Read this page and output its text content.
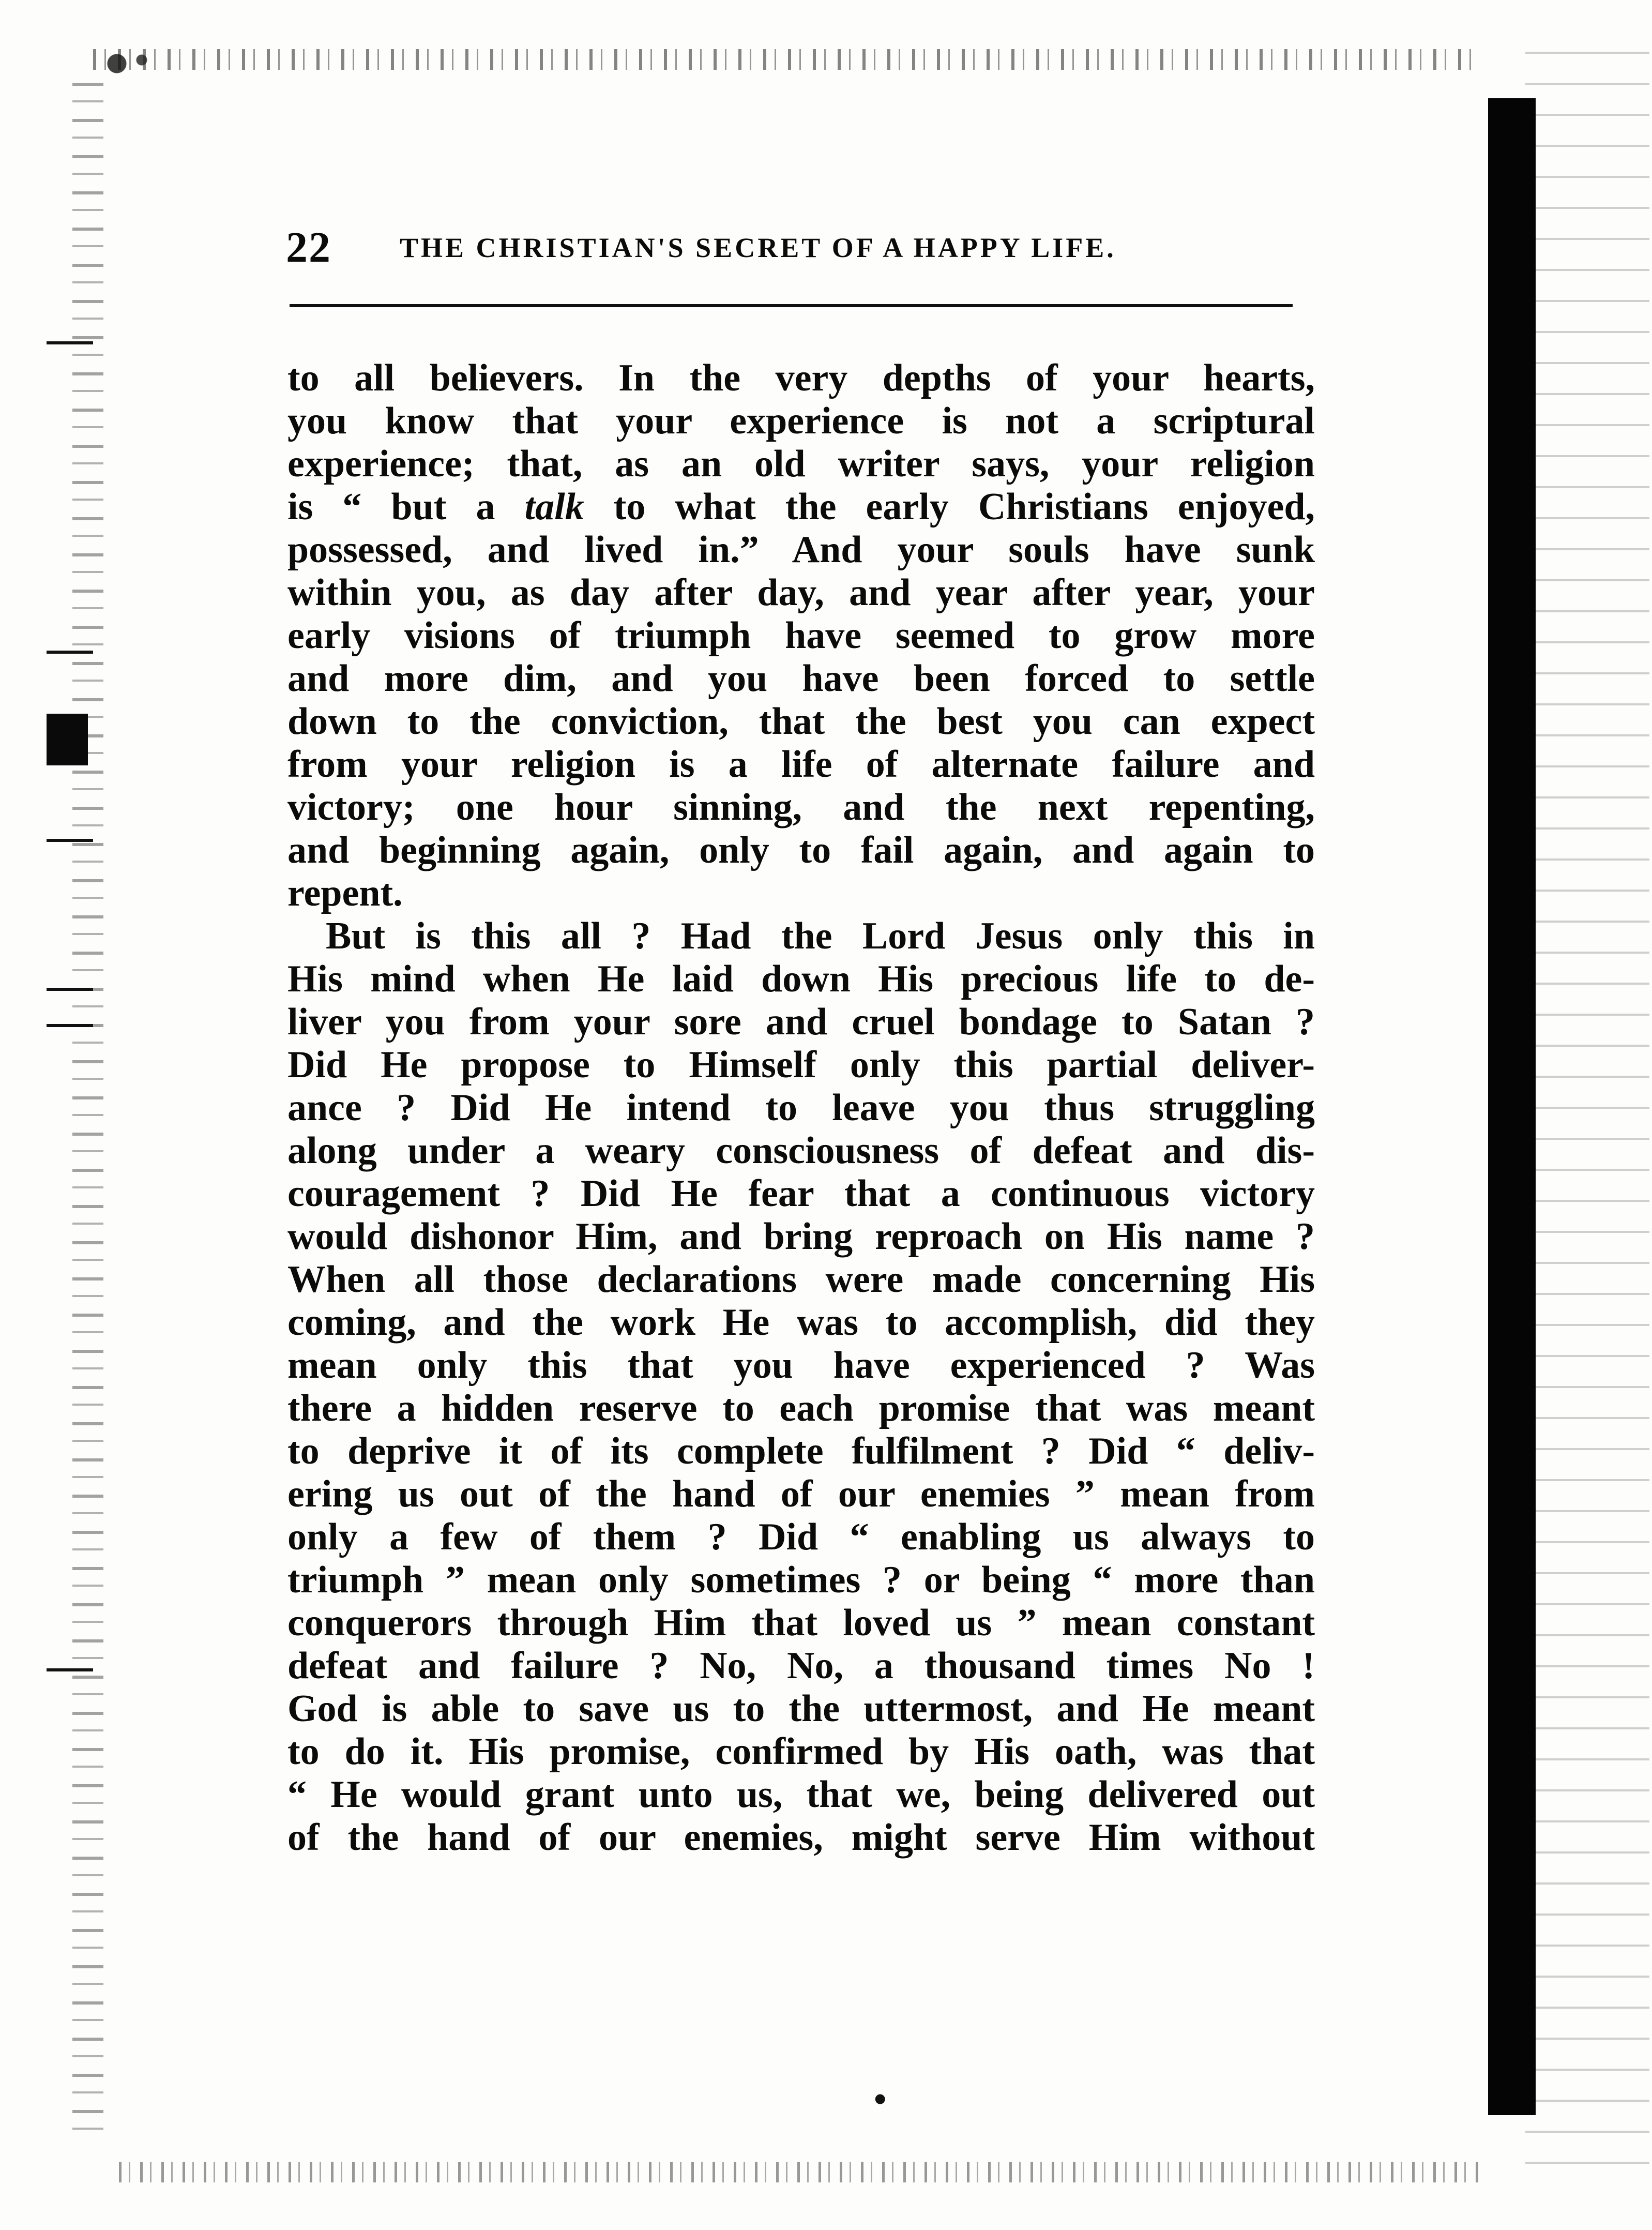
•
22 THE CHRISTIAN'S SECRET OF A HAPPY LIFE.

to all believers. In the very depths of your hearts,
you know that your experience is not a scriptural
experience; that, as an old writer says, your religion
is “ but a talk to what the early Christians enjoyed,
possessed, and lived in.” And your souls have sunk
within you, as day after day, and year after year, your
early visions of triumph have seemed to grow more
and more dim, and you have been forced to settle
down to the conviction, that the best you can expect
from your religion is a life of alternate failure and
victory; one hour sinning, and the next repenting,
and beginning again, only to fail again, and again to
repent.

But is this all ? Had the Lord Jesus only this in
His mind when He laid down His precious life to de-
liver you from your sore and cruel bondage to Satan ?
Did He propose to Himself only this partial deliver-
ance ? Did He intend to leave you thus struggling
along under a weary consciousness of defeat and dis-
couragement ? Did He fear that a continuous victory
would dishonor Him, and bring reproach on His name ?
When all those declarations were made concerning His
coming, and the work He was to accomplish, did they
mean only this that you have experienced ? Was
there a hidden reserve to each promise that was meant
to deprive it of its complete fulfilment ? Did “ deliv-
ering us out of the hand of our enemies ” mean from
only a few of them ? Did “ enabling us always to
triumph ” mean only sometimes ? or being “ more than
conquerors through Him that loved us ” mean constant
defeat and failure ? No, No, a thousand times No !
God is able to save us to the uttermost, and He meant
to do it. His promise, confirmed by His oath, was that
“ He would grant unto us, that we, being delivered out
of the hand of our enemies, might serve Him without
